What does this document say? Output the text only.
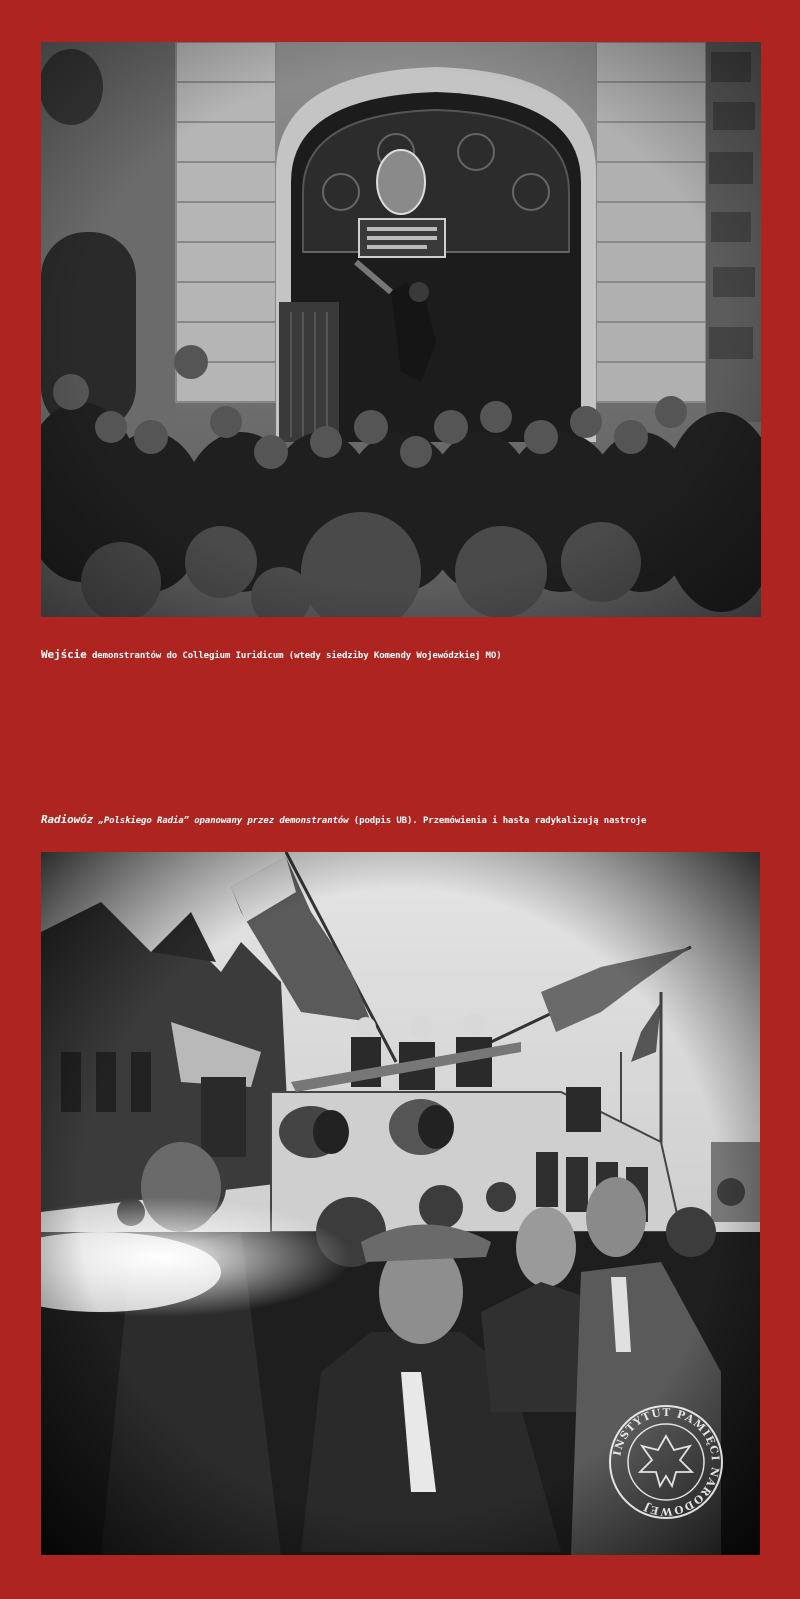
Wejście demonstrantów do Collegium Iuridicum (wtedy siedziby Komendy Wojewódzkiej MO)
Radiowóz „Polskiego Radia” opanowany przez demonstrantów (podpis UB). Przemówienia i hasła radykalizują nastroje
INSTYTUT PAMIĘCI NARODOWEJ
